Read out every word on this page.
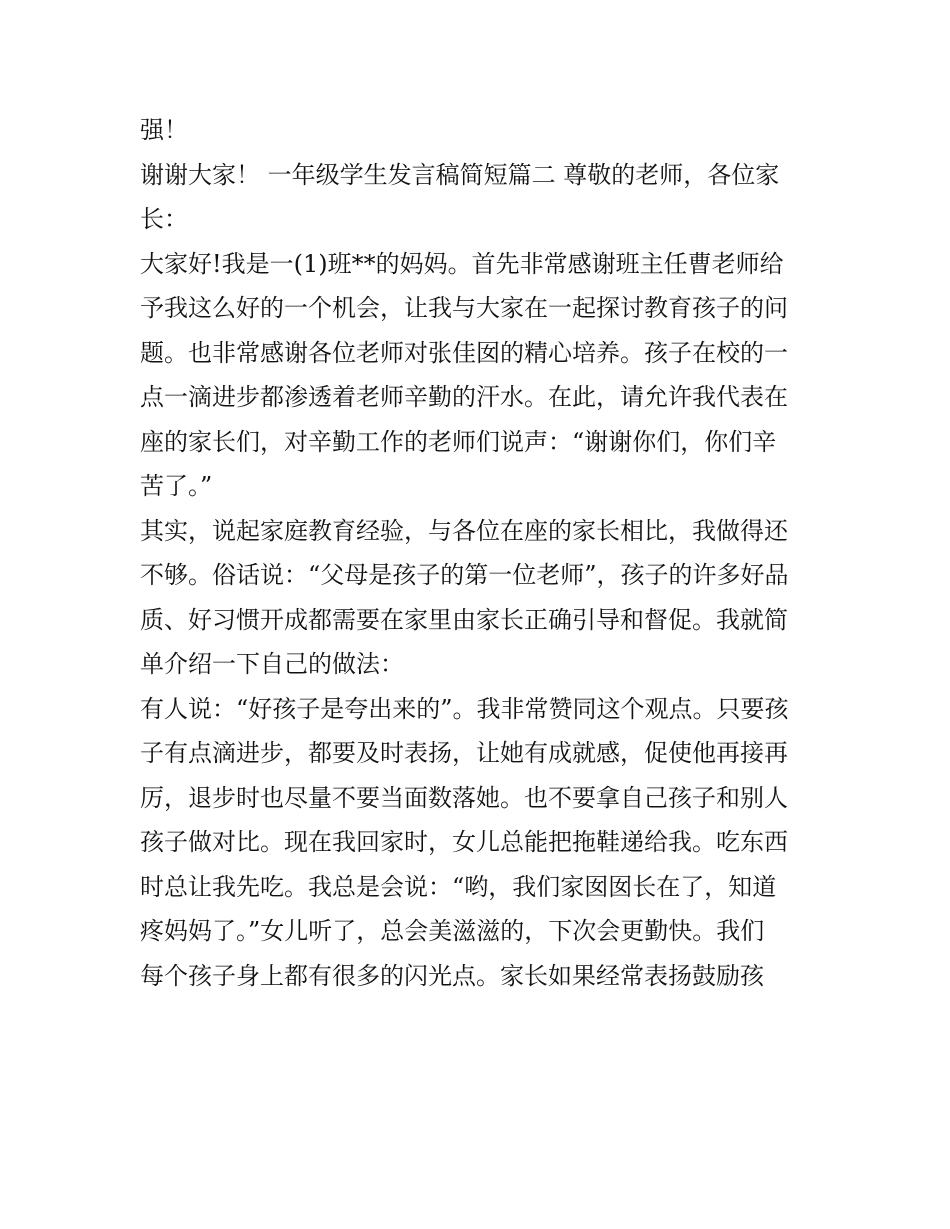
强！
谢谢大家！ 一年级学生发言稿简短篇二 尊敬的老师，各位家
长：
大家好!我是一(1)班**的妈妈。首先非常感谢班主任曹老师给
予我这么好的一个机会，让我与大家在一起探讨教育孩子的问
题。也非常感谢各位老师对张佳囡的精心培养。孩子在校的一
点一滴进步都渗透着老师辛勤的汗水。在此，请允许我代表在
座的家长们，对辛勤工作的老师们说声：“谢谢你们，你们辛
苦了。”
其实，说起家庭教育经验，与各位在座的家长相比，我做得还
不够。俗话说：“父母是孩子的第一位老师”，孩子的许多好品
质、好习惯开成都需要在家里由家长正确引导和督促。我就简
单介绍一下自己的做法：
有人说：“好孩子是夸出来的”。我非常赞同这个观点。只要孩
子有点滴进步，都要及时表扬，让她有成就感，促使他再接再
厉，退步时也尽量不要当面数落她。也不要拿自己孩子和别人
孩子做对比。现在我回家时，女儿总能把拖鞋递给我。吃东西
时总让我先吃。我总是会说：“哟，我们家囡囡长在了，知道
疼妈妈了。”女儿听了，总会美滋滋的，下次会更勤快。我们
每个孩子身上都有很多的闪光点。家长如果经常表扬鼓励孩
